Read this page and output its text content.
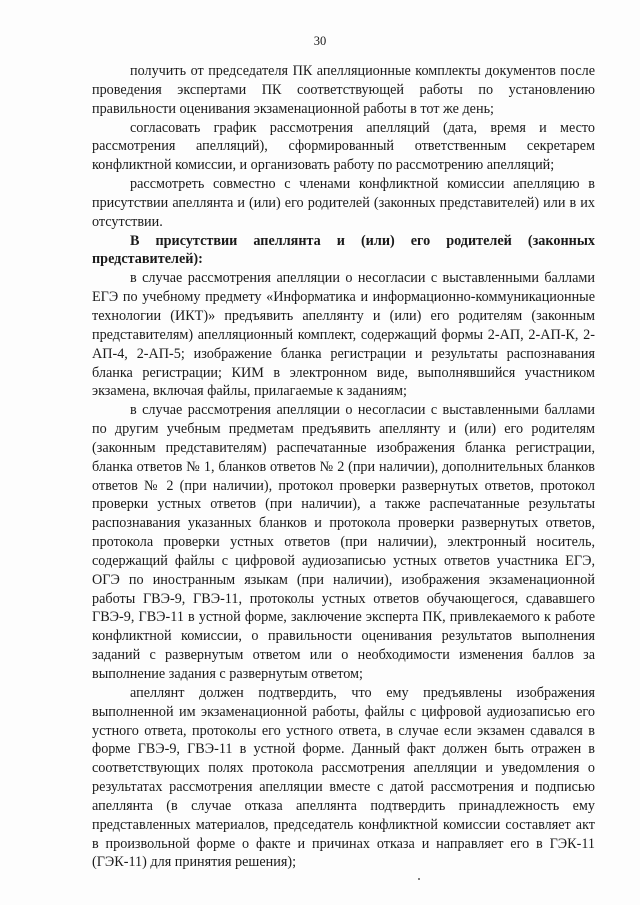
30

получить от председателя ПК апелляционные комплекты документов после проведения экспертами ПК соответствующей работы по установлению правильности оценивания экзаменационной работы в тот же день;

согласовать график рассмотрения апелляций (дата, время и место рассмотрения апелляций), сформированный ответственным секретарем конфликтной комиссии, и организовать работу по рассмотрению апелляций;

рассмотреть совместно с членами конфликтной комиссии апелляцию в присутствии апеллянта и (или) его родителей (законных представителей) или в их отсутствии.

В присутствии апеллянта и (или) его родителей (законных представителей):

в случае рассмотрения апелляции о несогласии с выставленными баллами ЕГЭ по учебному предмету «Информатика и информационно-коммуникационные технологии (ИКТ)» предъявить апеллянту и (или) его родителям (законным представителям) апелляционный комплект, содержащий формы 2-АП, 2-АП-К, 2-АП-4, 2-АП-5; изображение бланка регистрации и результаты распознавания бланка регистрации; КИМ в электронном виде, выполнявшийся участником экзамена, включая файлы, прилагаемые к заданиям;

в случае рассмотрения апелляции о несогласии с выставленными баллами по другим учебным предметам предъявить апеллянту и (или) его родителям (законным представителям) распечатанные изображения бланка регистрации, бланка ответов № 1, бланков ответов № 2 (при наличии), дополнительных бланков ответов № 2 (при наличии), протокол проверки развернутых ответов, протокол проверки устных ответов (при наличии), а также распечатанные результаты распознавания указанных бланков и протокола проверки развернутых ответов, протокола проверки устных ответов (при наличии), электронный носитель, содержащий файлы с цифровой аудиозаписью устных ответов участника ЕГЭ, ОГЭ по иностранным языкам (при наличии), изображения экзаменационной работы ГВЭ-9, ГВЭ-11, протоколы устных ответов обучающегося, сдававшего ГВЭ-9, ГВЭ-11 в устной форме, заключение эксперта ПК, привлекаемого к работе конфликтной комиссии, о правильности оценивания результатов выполнения заданий с развернутым ответом или о необходимости изменения баллов за выполнение задания с развернутым ответом;

апеллянт должен подтвердить, что ему предъявлены изображения выполненной им экзаменационной работы, файлы с цифровой аудиозаписью его устного ответа, протоколы его устного ответа, в случае если экзамен сдавался в форме ГВЭ-9, ГВЭ-11 в устной форме. Данный факт должен быть отражен в соответствующих полях протокола рассмотрения апелляции и уведомления о результатах рассмотрения апелляции вместе с датой рассмотрения и подписью апеллянта (в случае отказа апеллянта подтвердить принадлежность ему представленных материалов, председатель конфликтной комиссии составляет акт в произвольной форме о факте и причинах отказа и направляет его в ГЭК-11 (ГЭК-11) для принятия решения);
